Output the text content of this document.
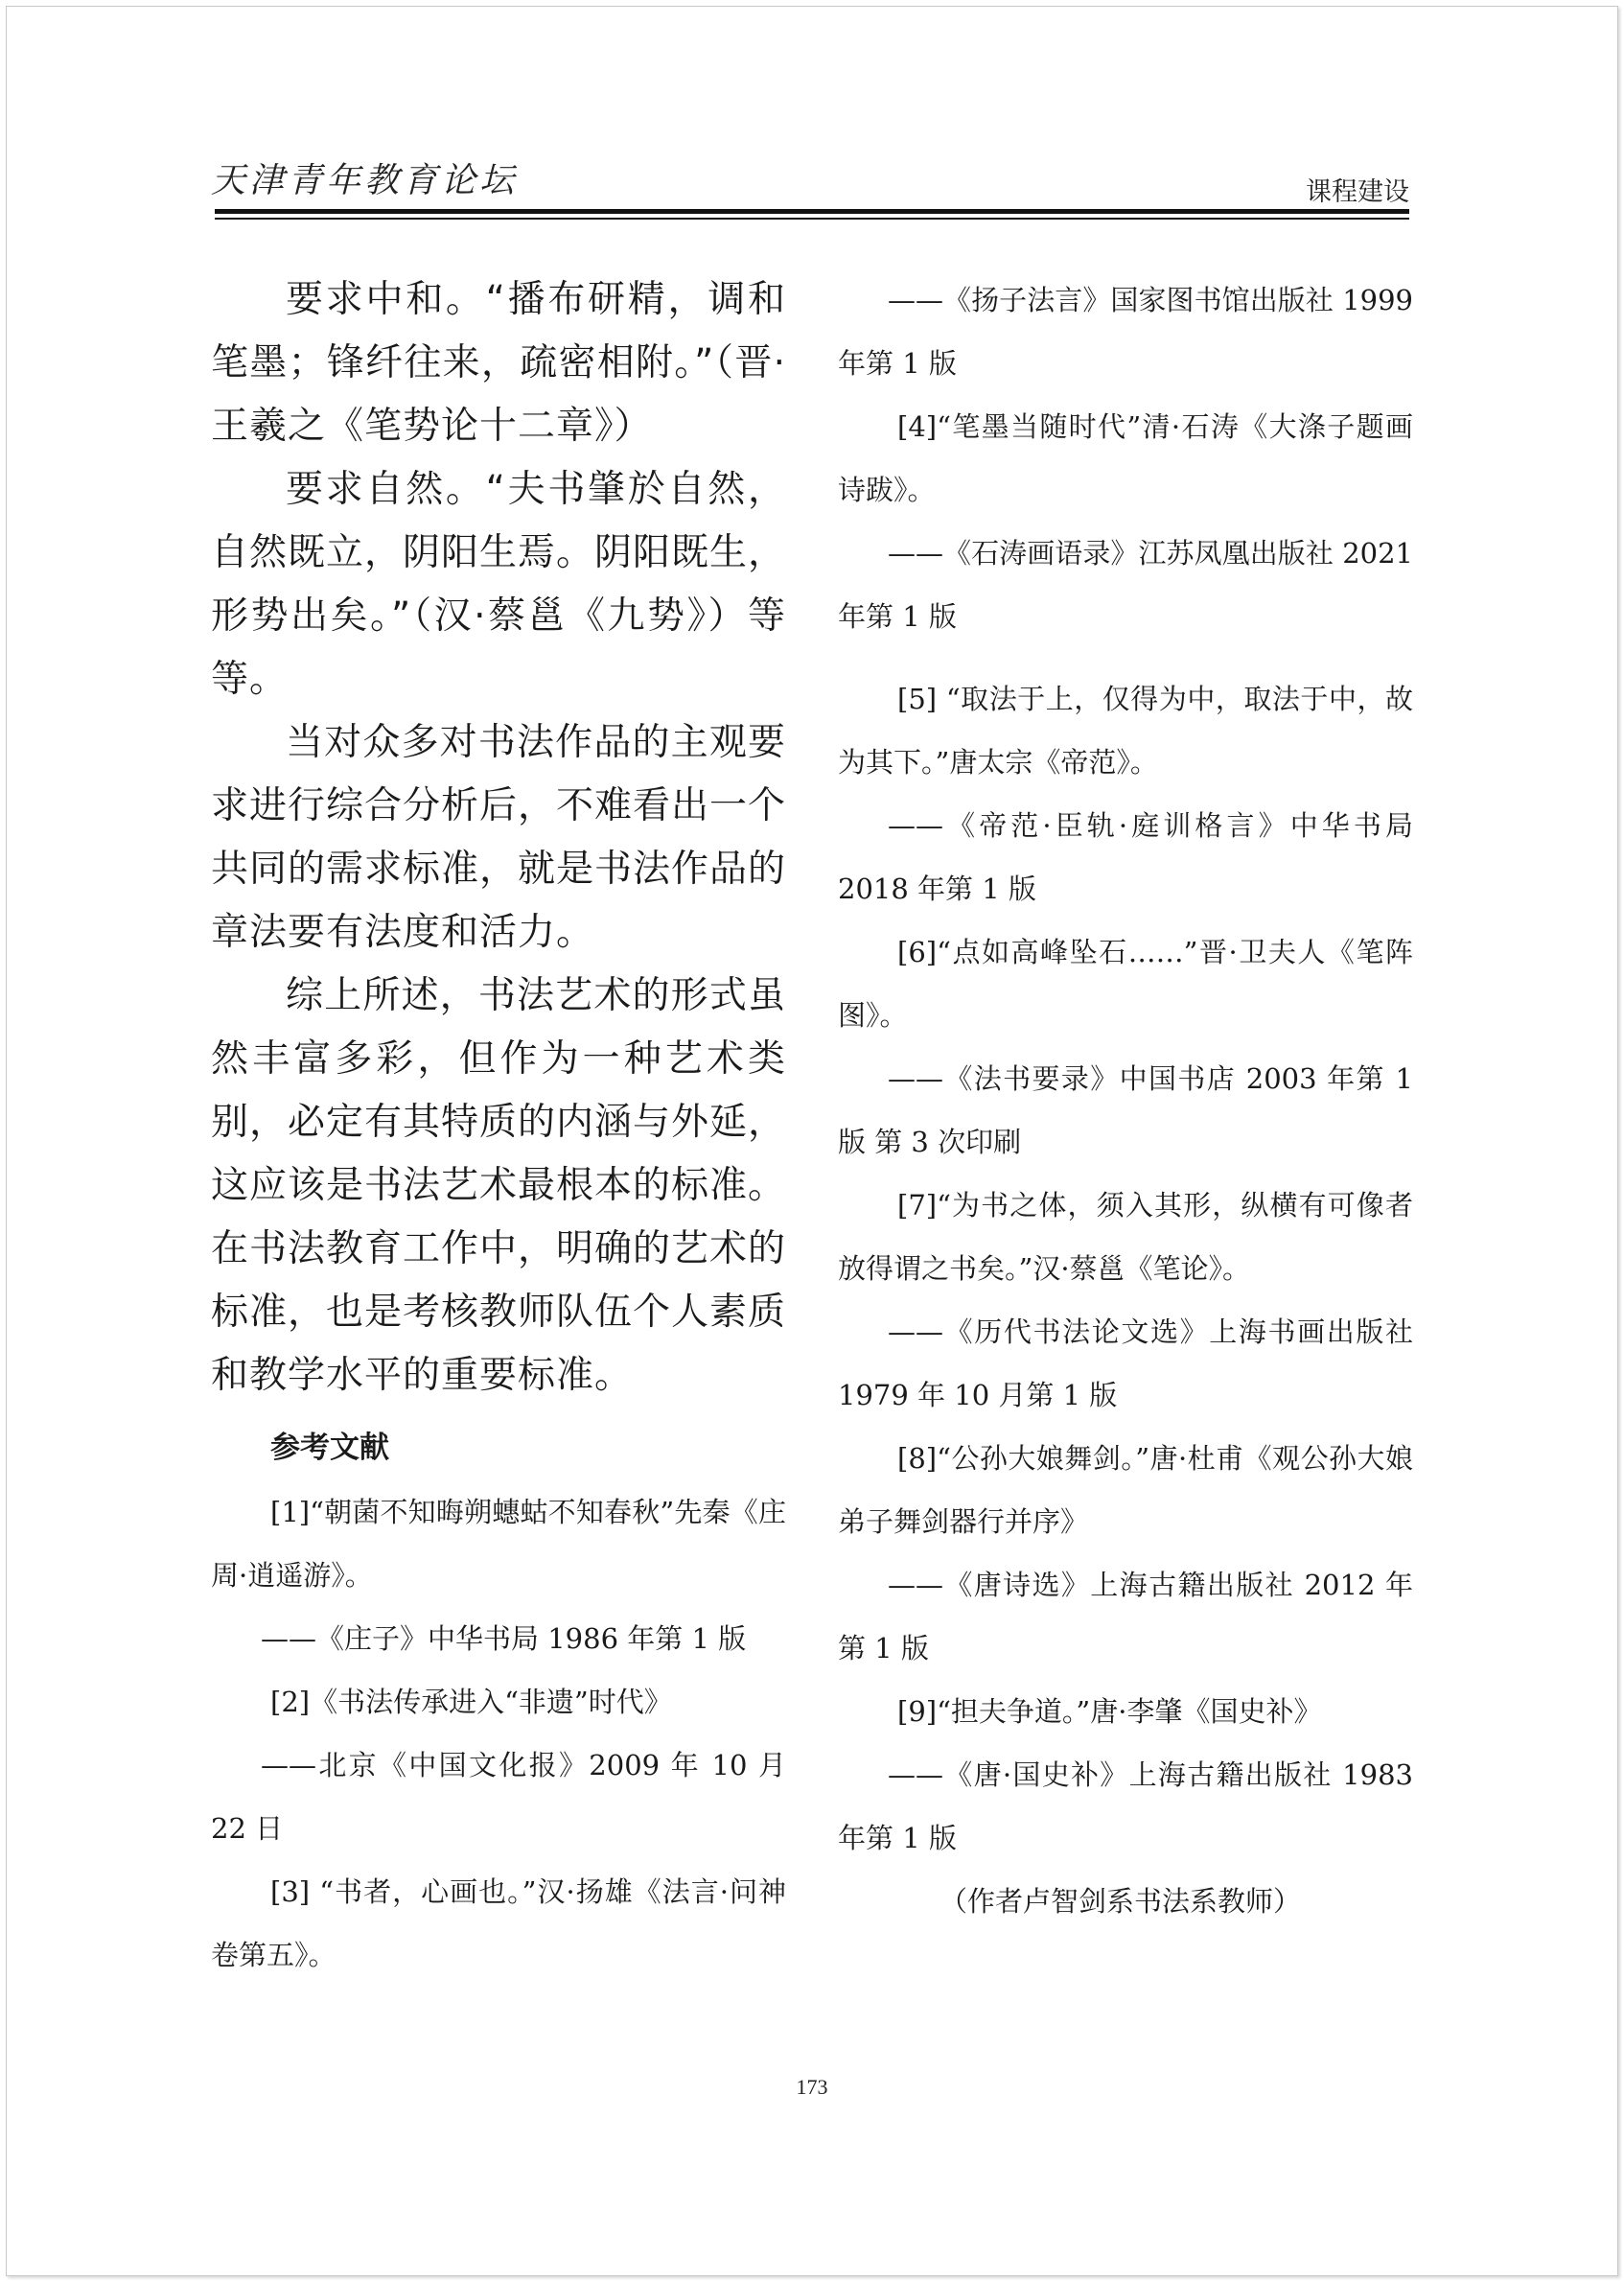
天津青年教育论坛	课程建设

要求中和。“播布研精，调和笔墨；锋纤往来，疏密相附。”（晋·王羲之《笔势论十二章》）

要求自然。“夫书肇於自然，自然既立，阴阳生焉。阴阳既生，形势出矣。”（汉·蔡邕《九势》）等等。

当对众多对书法作品的主观要求进行综合分析后，不难看出一个共同的需求标准，就是书法作品的章法要有法度和活力。

综上所述，书法艺术的形式虽然丰富多彩，但作为一种艺术类别，必定有其特质的内涵与外延，这应该是书法艺术最根本的标准。在书法教育工作中，明确的艺术的标准，也是考核教师队伍个人素质和教学水平的重要标准。

参考文献

[1]“朝菌不知晦朔蟪蛄不知春秋”先秦《庄周·逍遥游》。

——《庄子》中华书局 1986 年第 1 版

[2]《书法传承进入“非遗”时代》

——北京《中国文化报》2009 年 10 月 22 日

[3] “书者，心画也。”汉·扬雄《法言·问神卷第五》。

——《扬子法言》国家图书馆出版社 1999 年第 1 版

[4]“笔墨当随时代”清·石涛《大涤子题画诗跋》。

——《石涛画语录》江苏凤凰出版社 2021 年第 1 版

[5] “取法于上，仅得为中，取法于中，故为其下。”唐太宗《帝范》。

——《帝范·臣轨·庭训格言》中华书局 2018 年第 1 版

[6]“点如高峰坠石……”晋·卫夫人《笔阵图》。

——《法书要录》中国书店 2003 年第 1 版 第 3 次印刷

[7]“为书之体，须入其形，纵横有可像者放得谓之书矣。”汉·蔡邕《笔论》。

——《历代书法论文选》上海书画出版社 1979 年 10 月第 1 版

[8]“公孙大娘舞剑。”唐·杜甫《观公孙大娘弟子舞剑器行并序》

——《唐诗选》上海古籍出版社 2012 年第 1 版

[9]“担夫争道。”唐·李肇《国史补》

——《唐·国史补》上海古籍出版社 1983 年第 1 版

（作者卢智剑系书法系教师）

173
